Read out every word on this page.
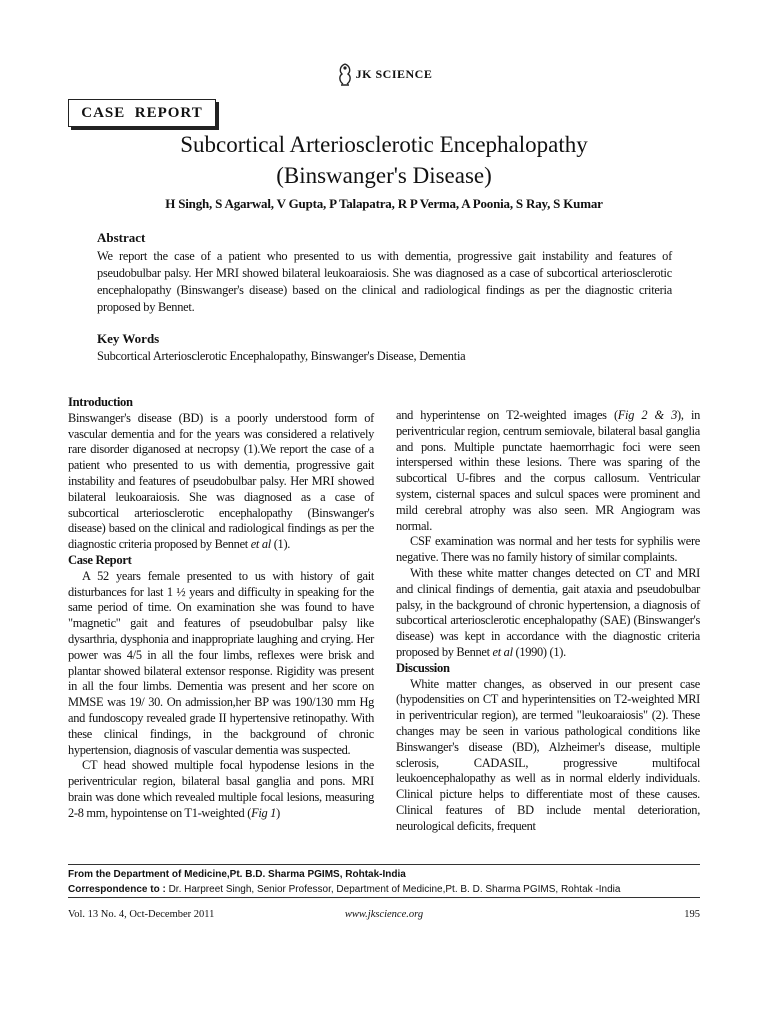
JK SCIENCE
CASE  REPORT
Subcortical Arteriosclerotic Encephalopathy
(Binswanger's Disease)
H Singh, S Agarwal, V Gupta, P Talapatra, R P Verma, A Poonia, S Ray, S Kumar
Abstract
We report the case of a patient who presented to us with dementia, progressive gait instability and features of pseudobulbar palsy. Her MRI showed bilateral leukoaraiosis. She was diagnosed as a case of subcortical arteriosclerotic encephalopathy (Binswanger's disease) based on the clinical and radiological findings as per the diagnostic criteria proposed by Bennet.
Key Words
Subcortical Arteriosclerotic Encephalopathy, Binswanger's Disease, Dementia

Introduction

Binswanger's disease (BD) is a poorly understood form of vascular dementia and for the years was considered a relatively rare disorder diganosed at necropsy (1).We report the case of a patient who presented to us with dementia, progressive gait instability and features of pseudobulbar palsy. Her MRI showed bilateral leukoaraiosis. She was diagnosed as a case of subcortical arteriosclerotic encephalopathy (Binswanger's disease) based on the clinical and radiological findings as per the diagnostic criteria proposed by Bennet et al (1).

Case Report

A 52 years female presented to us with history of gait disturbances for last 1 ½ years and difficulty in speaking for the same period of time. On examination she was found to have "magnetic" gait and features of pseudobulbar palsy like dysarthria, dysphonia and inappropriate laughing and crying. Her power was 4/5 in all the four limbs, reflexes were brisk and plantar showed bilateral extensor response. Rigidity was present in all the four limbs. Dementia was present and her score on MMSE was 19/ 30. On admission,her BP was 190/130 mm Hg and fundoscopy revealed grade II hypertensive retinopathy. With these clinical findings, in the background of chronic hypertension, diagnosis of vascular dementia was suspected.

CT head showed multiple focal hypodense lesions in the periventricular region, bilateral basal ganglia and pons. MRI brain was done which revealed multiple focal lesions, measuring 2-8 mm, hypointense on T1-weighted (Fig 1)

and hyperintense on T2-weighted images (Fig 2 & 3), in periventricular region, centrum semiovale, bilateral basal ganglia and pons. Multiple punctate haemorrhagic foci were seen interspersed within these lesions. There was sparing of the subcortical U-fibres and the corpus callosum. Ventricular system, cisternal spaces and sulcul spaces were prominent and mild cerebral atrophy was also seen. MR Angiogram was normal.

CSF examination was normal and her tests for syphilis were negative. There was no family history of similar complaints.

With these white matter changes detected on CT and MRI and clinical findings of dementia, gait ataxia and pseudobulbar palsy, in the background of chronic hypertension, a diagnosis of subcortical arteriosclerotic encephalopathy (SAE) (Binswanger's disease) was kept in accordance with the diagnostic criteria proposed by Bennet et al (1990) (1).

Discussion

White matter changes, as observed in our present case (hypodensities on CT and hyperintensities on T2-weighted MRI in periventricular region), are termed "leukoaraiosis" (2). These changes may be seen in various pathological conditions like Binswanger's disease (BD), Alzheimer's disease, multiple sclerosis, CADASIL, progressive multifocal leukoencephalopathy as well as in normal elderly individuals. Clinical picture helps to differentiate most of these causes. Clinical features of BD include mental deterioration, neurological deficits, frequent

From the Department of Medicine,Pt. B.D. Sharma PGIMS, Rohtak-India
Correspondence to : Dr. Harpreet Singh, Senior Professor, Department of Medicine,Pt. B. D. Sharma PGIMS, Rohtak -India
Vol. 13 No. 4, Oct-December 2011	www.jkscience.org	195
